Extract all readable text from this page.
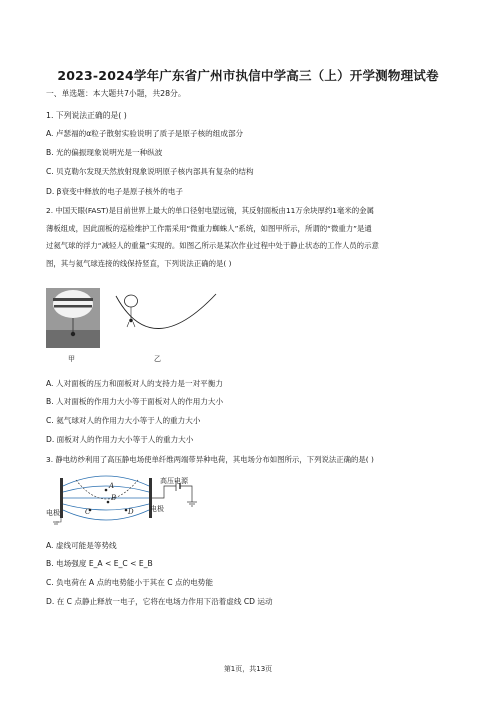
2023-2024学年广东省广州市执信中学高三（上）开学测物理试卷
一、单选题：本大题共7小题，共28分。
1. 下列说法正确的是( )
A. 卢瑟福的α粒子散射实验说明了质子是原子核的组成部分
B. 光的偏振现象说明光是一种纵波
C. 贝克勒尔发现天然放射现象说明原子核内部具有复杂的结构
D. β衰变中释放的电子是原子核外的电子
2. 中国天眼(FAST)是目前世界上最大的单口径射电望远镜，其反射面板由11万余块厚约1毫米的金属
薄板组成，因此面板的巡检维护工作需采用“微重力蜘蛛人”系统，如图甲所示，所谓的“微重力”是通
过氦气球的浮力“减轻人的重量”实现的。如图乙所示是某次作业过程中处于静止状态的工作人员的示意
图，其与氦气球连接的线保持竖直，下列说法正确的是( )
甲	乙
A. 人对面板的压力和面板对人的支持力是一对平衡力
B. 人对面板的作用力大小等于面板对人的作用力大小
C. 氦气球对人的作用力大小等于人的重力大小
D. 面板对人的作用力大小等于人的重力大小
3. 静电纺纱利用了高压静电场使单纤维两端带异种电荷，其电场分布如图所示，下列说法正确的是( )
高压电源
电极	电极
A
B
C	D
A. 虚线可能是等势线
B. 电场强度 E_A < E_C < E_B
C. 负电荷在 A 点的电势能小于其在 C 点的电势能
D. 在 C 点静止释放一电子，它将在电场力作用下沿着虚线 CD 运动
第1页，共13页
